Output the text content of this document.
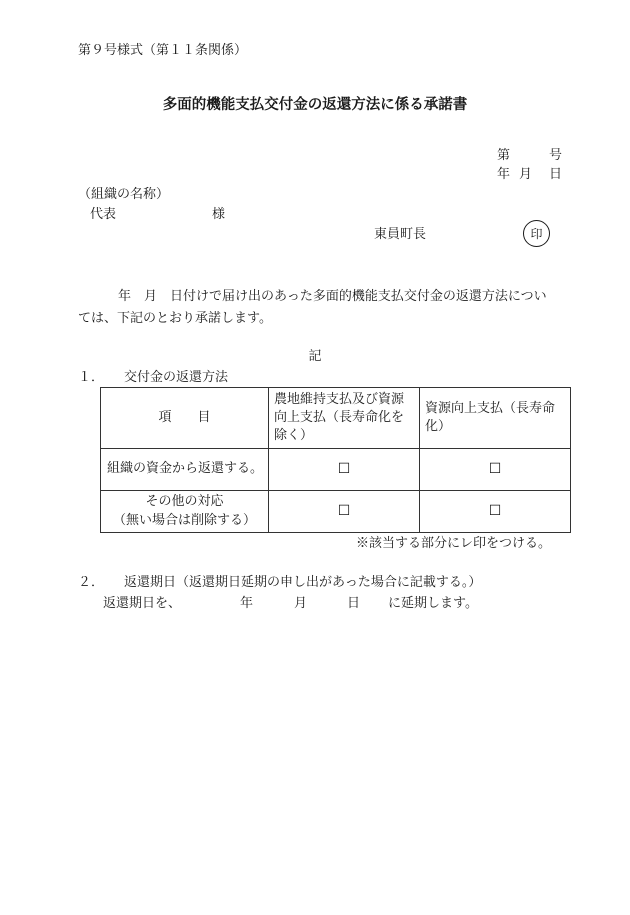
第９号様式（第１１条関係）
多面的機能支払交付金の返還方法に係る承諾書
第	号
年 月 日
（組織の名称）
代表	様
東員町長	印
年　月　日付けで届け出のあった多面的機能支払交付金の返還方法につい
ては、下記のとおり承諾します。
記
１． 交付金の返還方法
項　　目	農地維持支払及び資源向上支払（長寿命化を除く）	資源向上支払（長寿命化）
組織の資金から返還する。	☐	☐

その他の対応
（無い場合は削除する）	☐	☐
※該当する部分にレ印をつける。
２． 返還期日（返還期日延期の申し出があった場合に記載する。）
返還期日を、	年	月	日 に延期します。
